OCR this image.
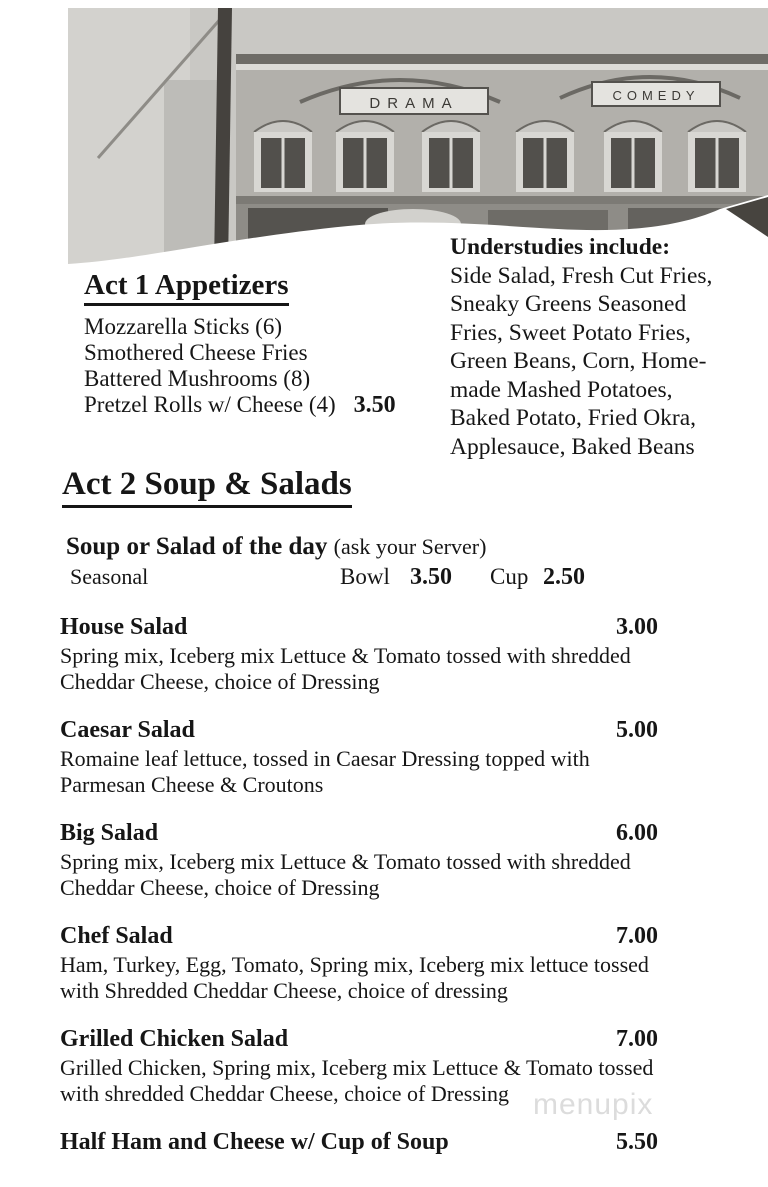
DRAMA	COMEDY
Act 1 Appetizers
Mozzarella Sticks (6)
Smothered Cheese Fries
Battered Mushrooms (8)
Pretzel Rolls w/ Cheese (4) 3.50
Understudies include:
Side Salad, Fresh Cut Fries,
Sneaky Greens Seasoned
Fries, Sweet Potato Fries,
Green Beans, Corn, Home-
made Mashed Potatoes,
Baked Potato, Fried Okra,
Applesauce, Baked Beans
Act 2 Soup & Salads
Soup or Salad of the day (ask your Server)
Seasonal	Bowl 3.50 Cup 2.50
House Salad	3.00
Spring mix, Iceberg mix Lettuce & Tomato tossed with shredded Cheddar Cheese, choice of Dressing
Caesar Salad	5.00
Romaine leaf lettuce, tossed in Caesar Dressing topped with Parmesan Cheese & Croutons
Big Salad	6.00
Spring mix, Iceberg mix Lettuce & Tomato tossed with shredded Cheddar Cheese, choice of Dressing
Chef Salad	7.00
Ham, Turkey, Egg, Tomato, Spring mix, Iceberg mix lettuce tossed with Shredded Cheddar Cheese, choice of dressing
Grilled Chicken Salad	7.00
Grilled Chicken, Spring mix, Iceberg mix Lettuce & Tomato tossed with shredded Cheddar Cheese, choice of Dressing
Half Ham and Cheese w/ Cup of Soup	5.50
menupix
